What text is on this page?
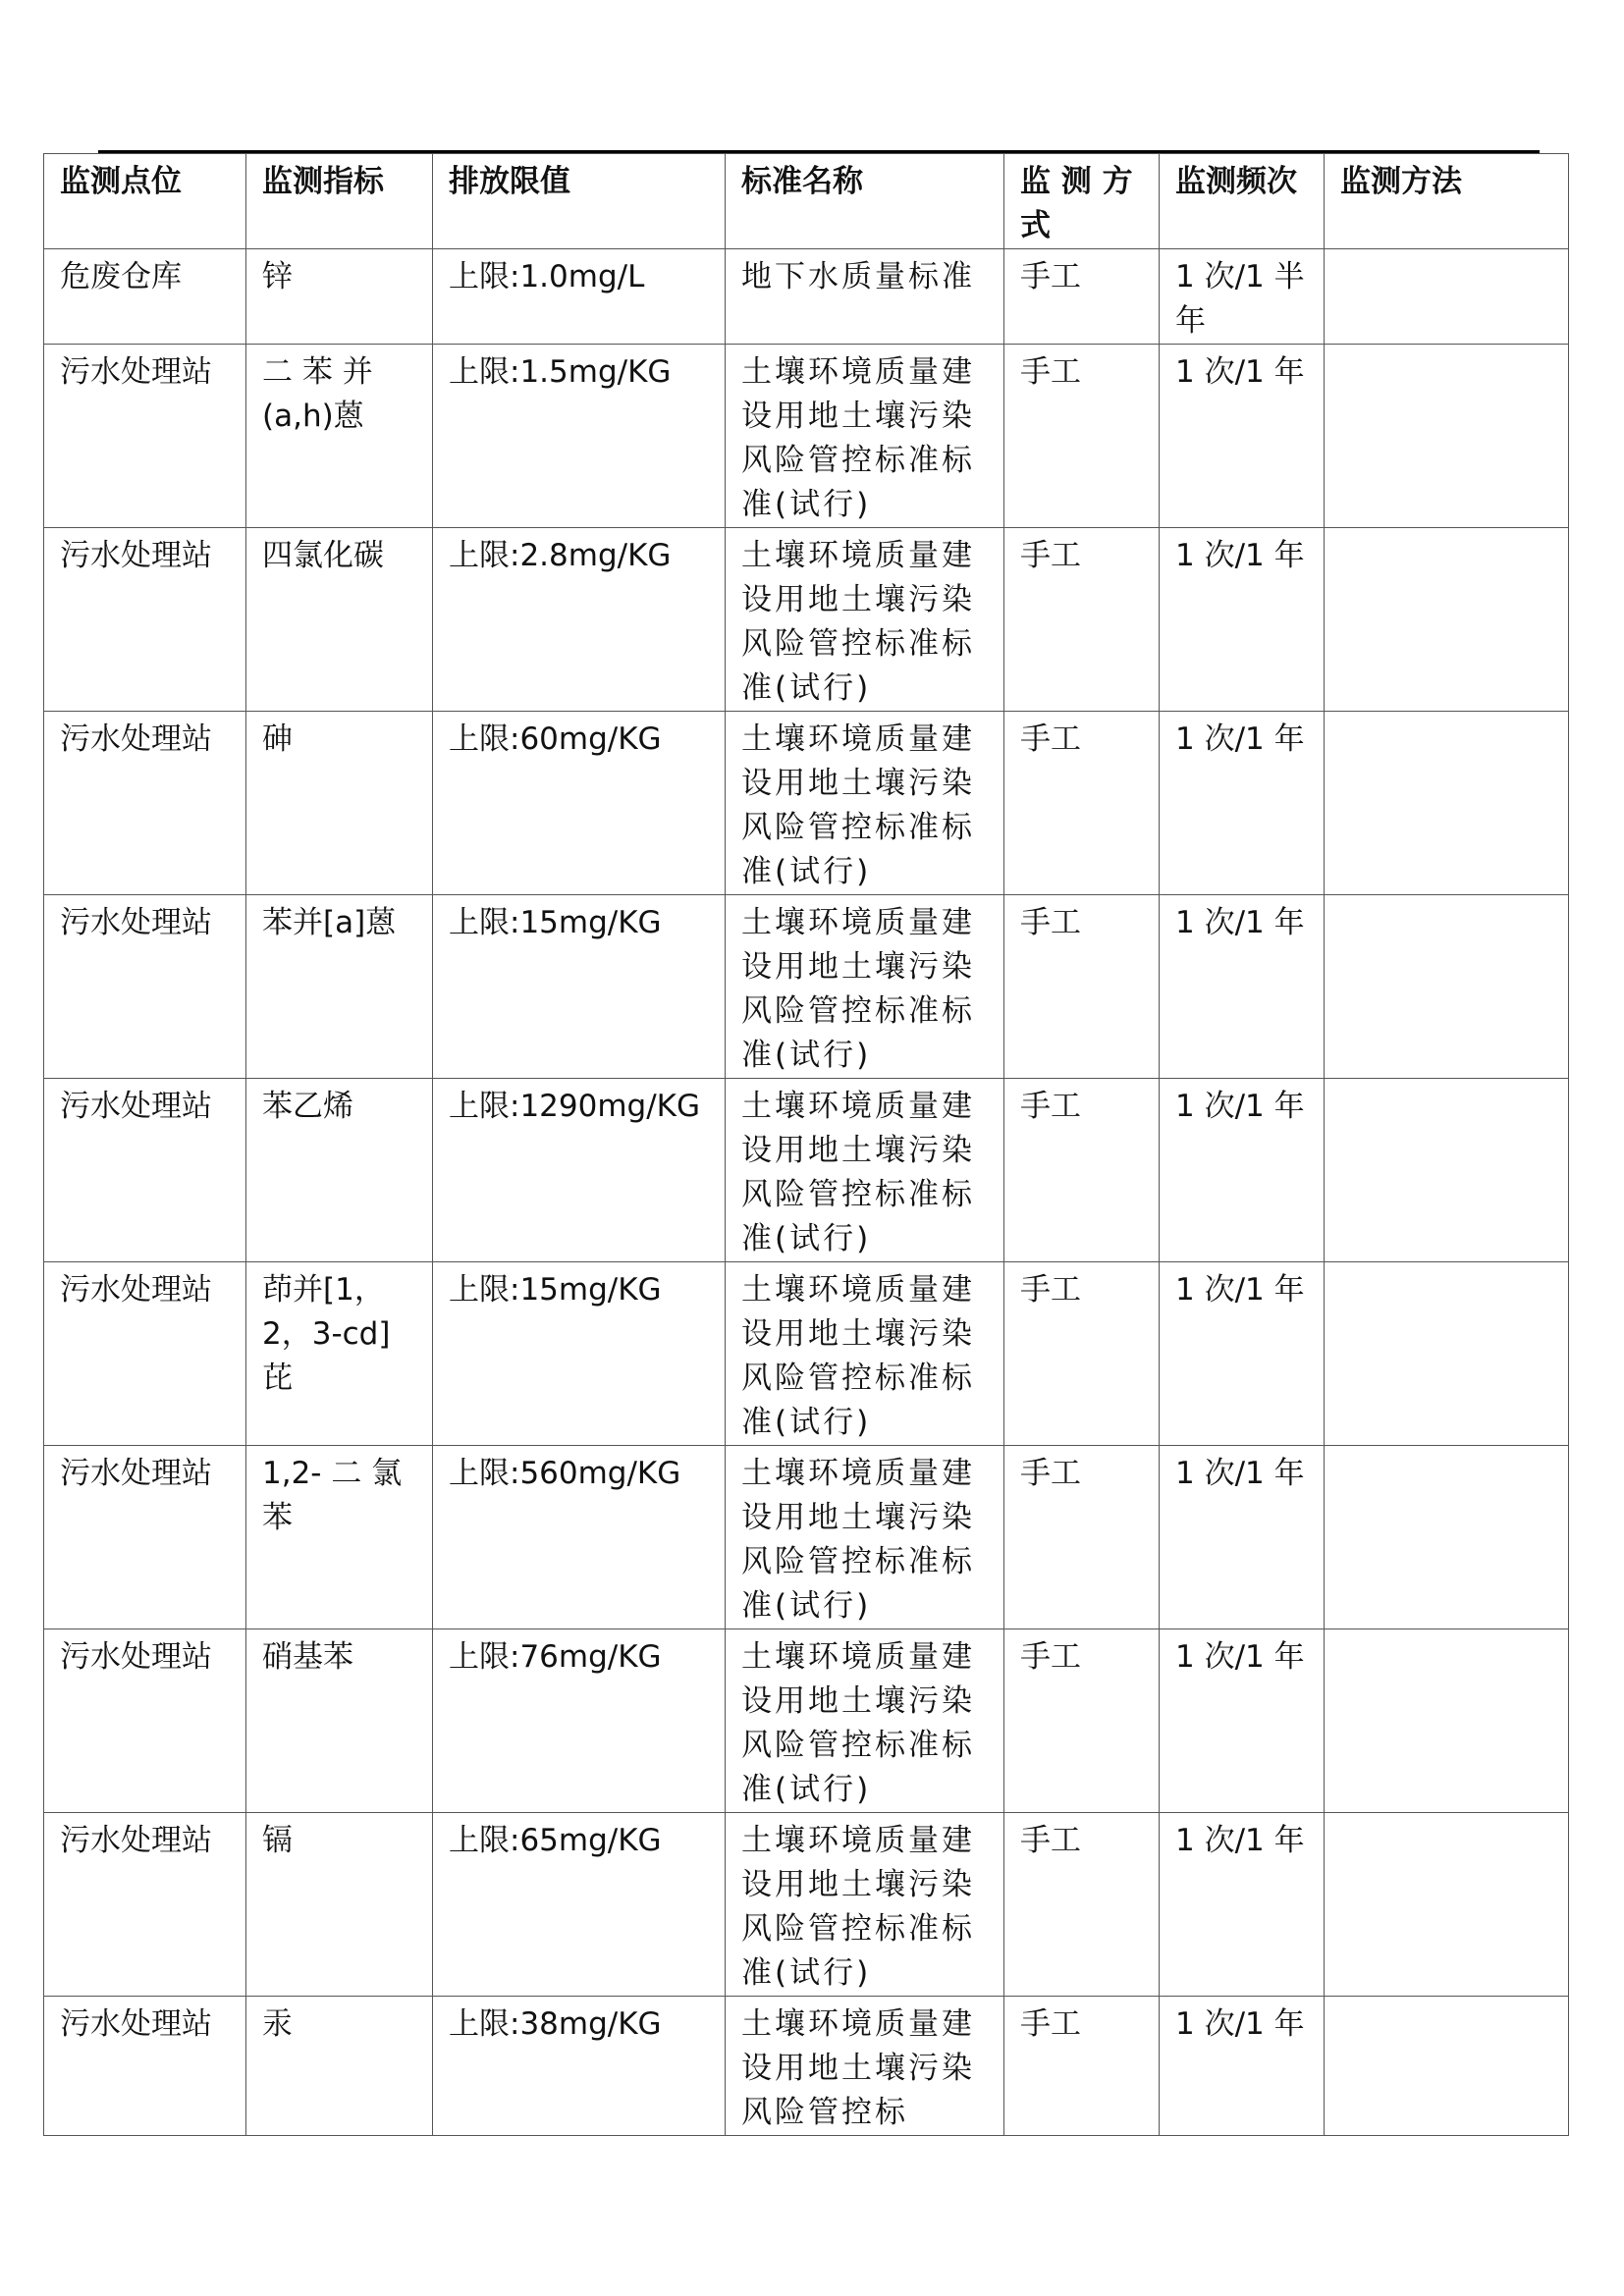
监测点位	监测指标	排放限值	标准名称	监 测 方 式	监测频次	监测方法
危废仓库	锌	上限:1.0mg/L	地下水质量标准	手工	1 次/1 半年	
污水处理站	二 苯 并 (a,h)蒽	上限:1.5mg/KG	土壤环境质量建设用地土壤污染风险管控标准标准(试行)	手工	1 次/1 年	
污水处理站	四氯化碳	上限:2.8mg/KG	土壤环境质量建设用地土壤污染风险管控标准标准(试行)	手工	1 次/1 年	
污水处理站	砷	上限:60mg/KG	土壤环境质量建设用地土壤污染风险管控标准标准(试行)	手工	1 次/1 年	
污水处理站	苯并[a]蒽	上限:15mg/KG	土壤环境质量建设用地土壤污染风险管控标准标准(试行)	手工	1 次/1 年	
污水处理站	苯乙烯	上限:1290mg/KG	土壤环境质量建设用地土壤污染风险管控标准标准(试行)	手工	1 次/1 年	
污水处理站	茚并[1，2，3-cd]芘	上限:15mg/KG	土壤环境质量建设用地土壤污染风险管控标准标准(试行)	手工	1 次/1 年	
污水处理站	1,2- 二 氯 苯	上限:560mg/KG	土壤环境质量建设用地土壤污染风险管控标准标准(试行)	手工	1 次/1 年	
污水处理站	硝基苯	上限:76mg/KG	土壤环境质量建设用地土壤污染风险管控标准标准(试行)	手工	1 次/1 年	
污水处理站	镉	上限:65mg/KG	土壤环境质量建设用地土壤污染风险管控标准标准(试行)	手工	1 次/1 年	
污水处理站	汞	上限:38mg/KG	土壤环境质量建设用地土壤污染风险管控标	手工	1 次/1 年	
